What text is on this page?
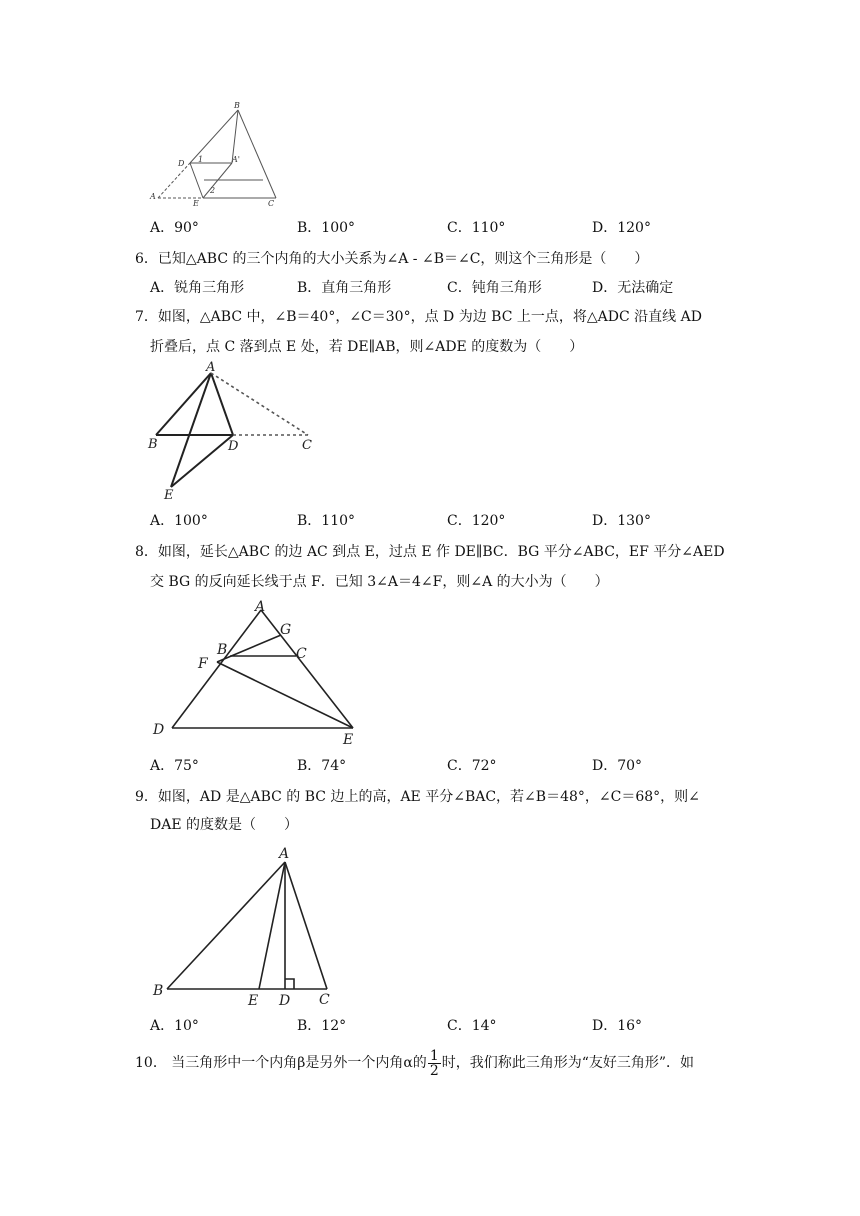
B
D 1	A'
A
2
E	C
A．90°	B．100°	C．110°	D．120°
6．已知△ABC 的三个内角的大小关系为∠A - ∠B＝∠C，则这个三角形是（　　）
A．锐角三角形	B．直角三角形	C．钝角三角形	D．无法确定
7．如图，△ABC 中，∠B＝40°，∠C＝30°，点 D 为边 BC 上一点，将△ADC 沿直线 AD
折叠后，点 C 落到点 E 处，若 DE∥AB，则∠ADE 的度数为（　　）
A
B	D	C
E
A．100°	B．110°	C．120°	D．130°
8．如图，延长△ABC 的边 AC 到点 E，过点 E 作 DE∥BC．BG 平分∠ABC，EF 平分∠AED
交 BG 的反向延长线于点 F．已知 3∠A＝4∠F，则∠A 的大小为（　　）
A
G
B	C
F
D
E
A．75°	B．74°	C．72°	D．70°
9．如图，AD 是△ABC 的 BC 边上的高，AE 平分∠BAC，若∠B＝48°，∠C＝68°，则∠
DAE 的度数是（　　）
A
B
E D C
A．10°	B．12°	C．14°	D．16°
10． 当三角形中一个内角β是另外一个内角α的 $\frac{1}{2}$ 时，我们称此三角形为“友好三角形”．如
